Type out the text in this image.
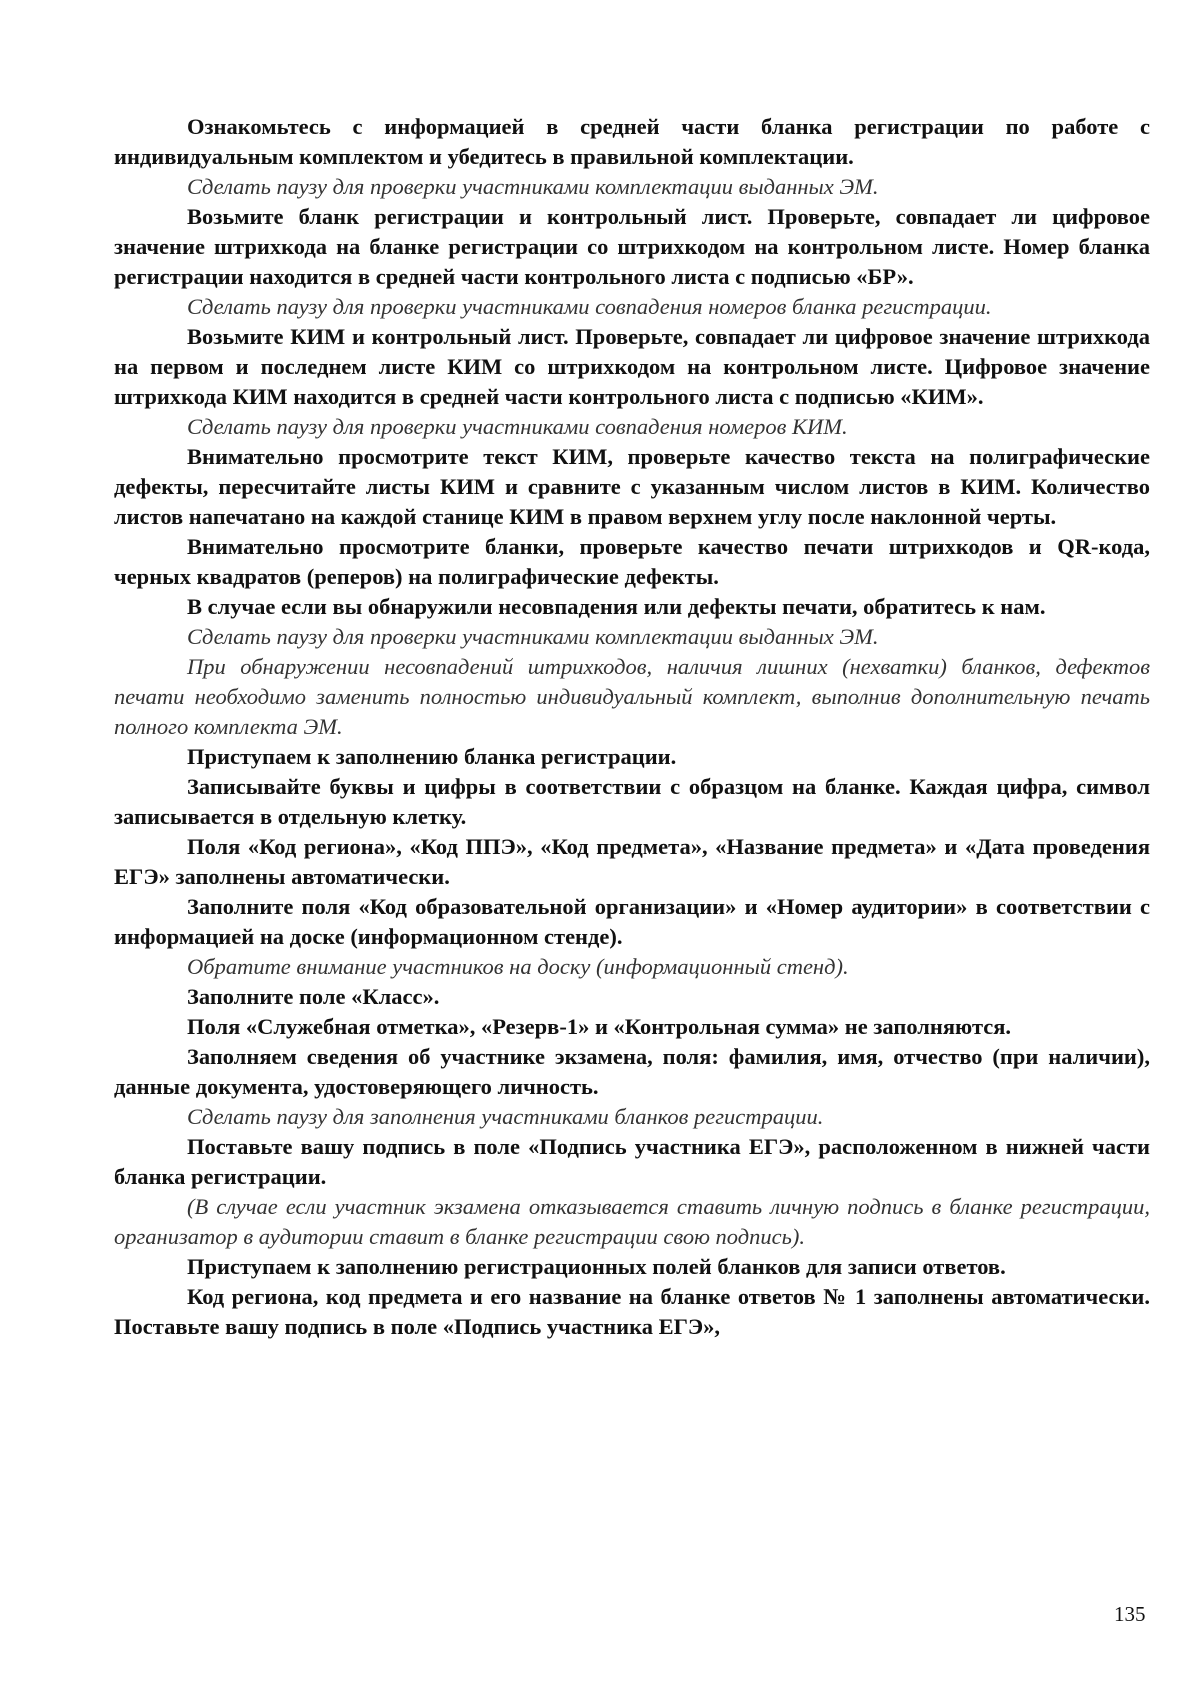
Ознакомьтесь с информацией в средней части бланка регистрации по работе с индивидуальным комплектом и убедитесь в правильной комплектации.

Сделать паузу для проверки участниками комплектации выданных ЭМ.

Возьмите бланк регистрации и контрольный лист. Проверьте, совпадает ли цифровое значение штрихкода на бланке регистрации со штрихкодом на контрольном листе. Номер бланка регистрации находится в средней части контрольного листа с подписью «БР».

Сделать паузу для проверки участниками совпадения номеров бланка регистрации.

Возьмите КИМ и контрольный лист. Проверьте, совпадает ли цифровое значение штрихкода на первом и последнем листе КИМ со штрихкодом на контрольном листе. Цифровое значение штрихкода КИМ находится в средней части контрольного листа с подписью «КИМ».

Сделать паузу для проверки участниками совпадения номеров КИМ.

Внимательно просмотрите текст КИМ, проверьте качество текста на полиграфические дефекты, пересчитайте листы КИМ и сравните с указанным числом листов в КИМ. Количество листов напечатано на каждой станице КИМ в правом верхнем углу после наклонной черты.

Внимательно просмотрите бланки, проверьте качество печати штрихкодов и QR-кода, черных квадратов (реперов) на полиграфические дефекты.

В случае если вы обнаружили несовпадения или дефекты печати, обратитесь к нам.

Сделать паузу для проверки участниками комплектации выданных ЭМ.

При обнаружении несовпадений штрихкодов, наличия лишних (нехватки) бланков, дефектов печати необходимо заменить полностью индивидуальный комплект, выполнив дополнительную печать полного комплекта ЭМ.

Приступаем к заполнению бланка регистрации.

Записывайте буквы и цифры в соответствии с образцом на бланке. Каждая цифра, символ записывается в отдельную клетку.

Поля «Код региона», «Код ППЭ», «Код предмета», «Название предмета» и «Дата проведения ЕГЭ» заполнены автоматически.

Заполните поля «Код образовательной организации» и «Номер аудитории» в соответствии с информацией на доске (информационном стенде).

Обратите внимание участников на доску (информационный стенд).

Заполните поле «Класс».

Поля «Служебная отметка», «Резерв-1» и «Контрольная сумма» не заполняются.

Заполняем сведения об участнике экзамена, поля: фамилия, имя, отчество (при наличии), данные документа, удостоверяющего личность.

Сделать паузу для заполнения участниками бланков регистрации.

Поставьте вашу подпись в поле «Подпись участника ЕГЭ», расположенном в нижней части бланка регистрации.

(В случае если участник экзамена отказывается ставить личную подпись в бланке регистрации, организатор в аудитории ставит в бланке регистрации свою подпись).

Приступаем к заполнению регистрационных полей бланков для записи ответов.

Код региона, код предмета и его название на бланке ответов № 1 заполнены автоматически. Поставьте вашу подпись в поле «Подпись участника ЕГЭ»,

135
